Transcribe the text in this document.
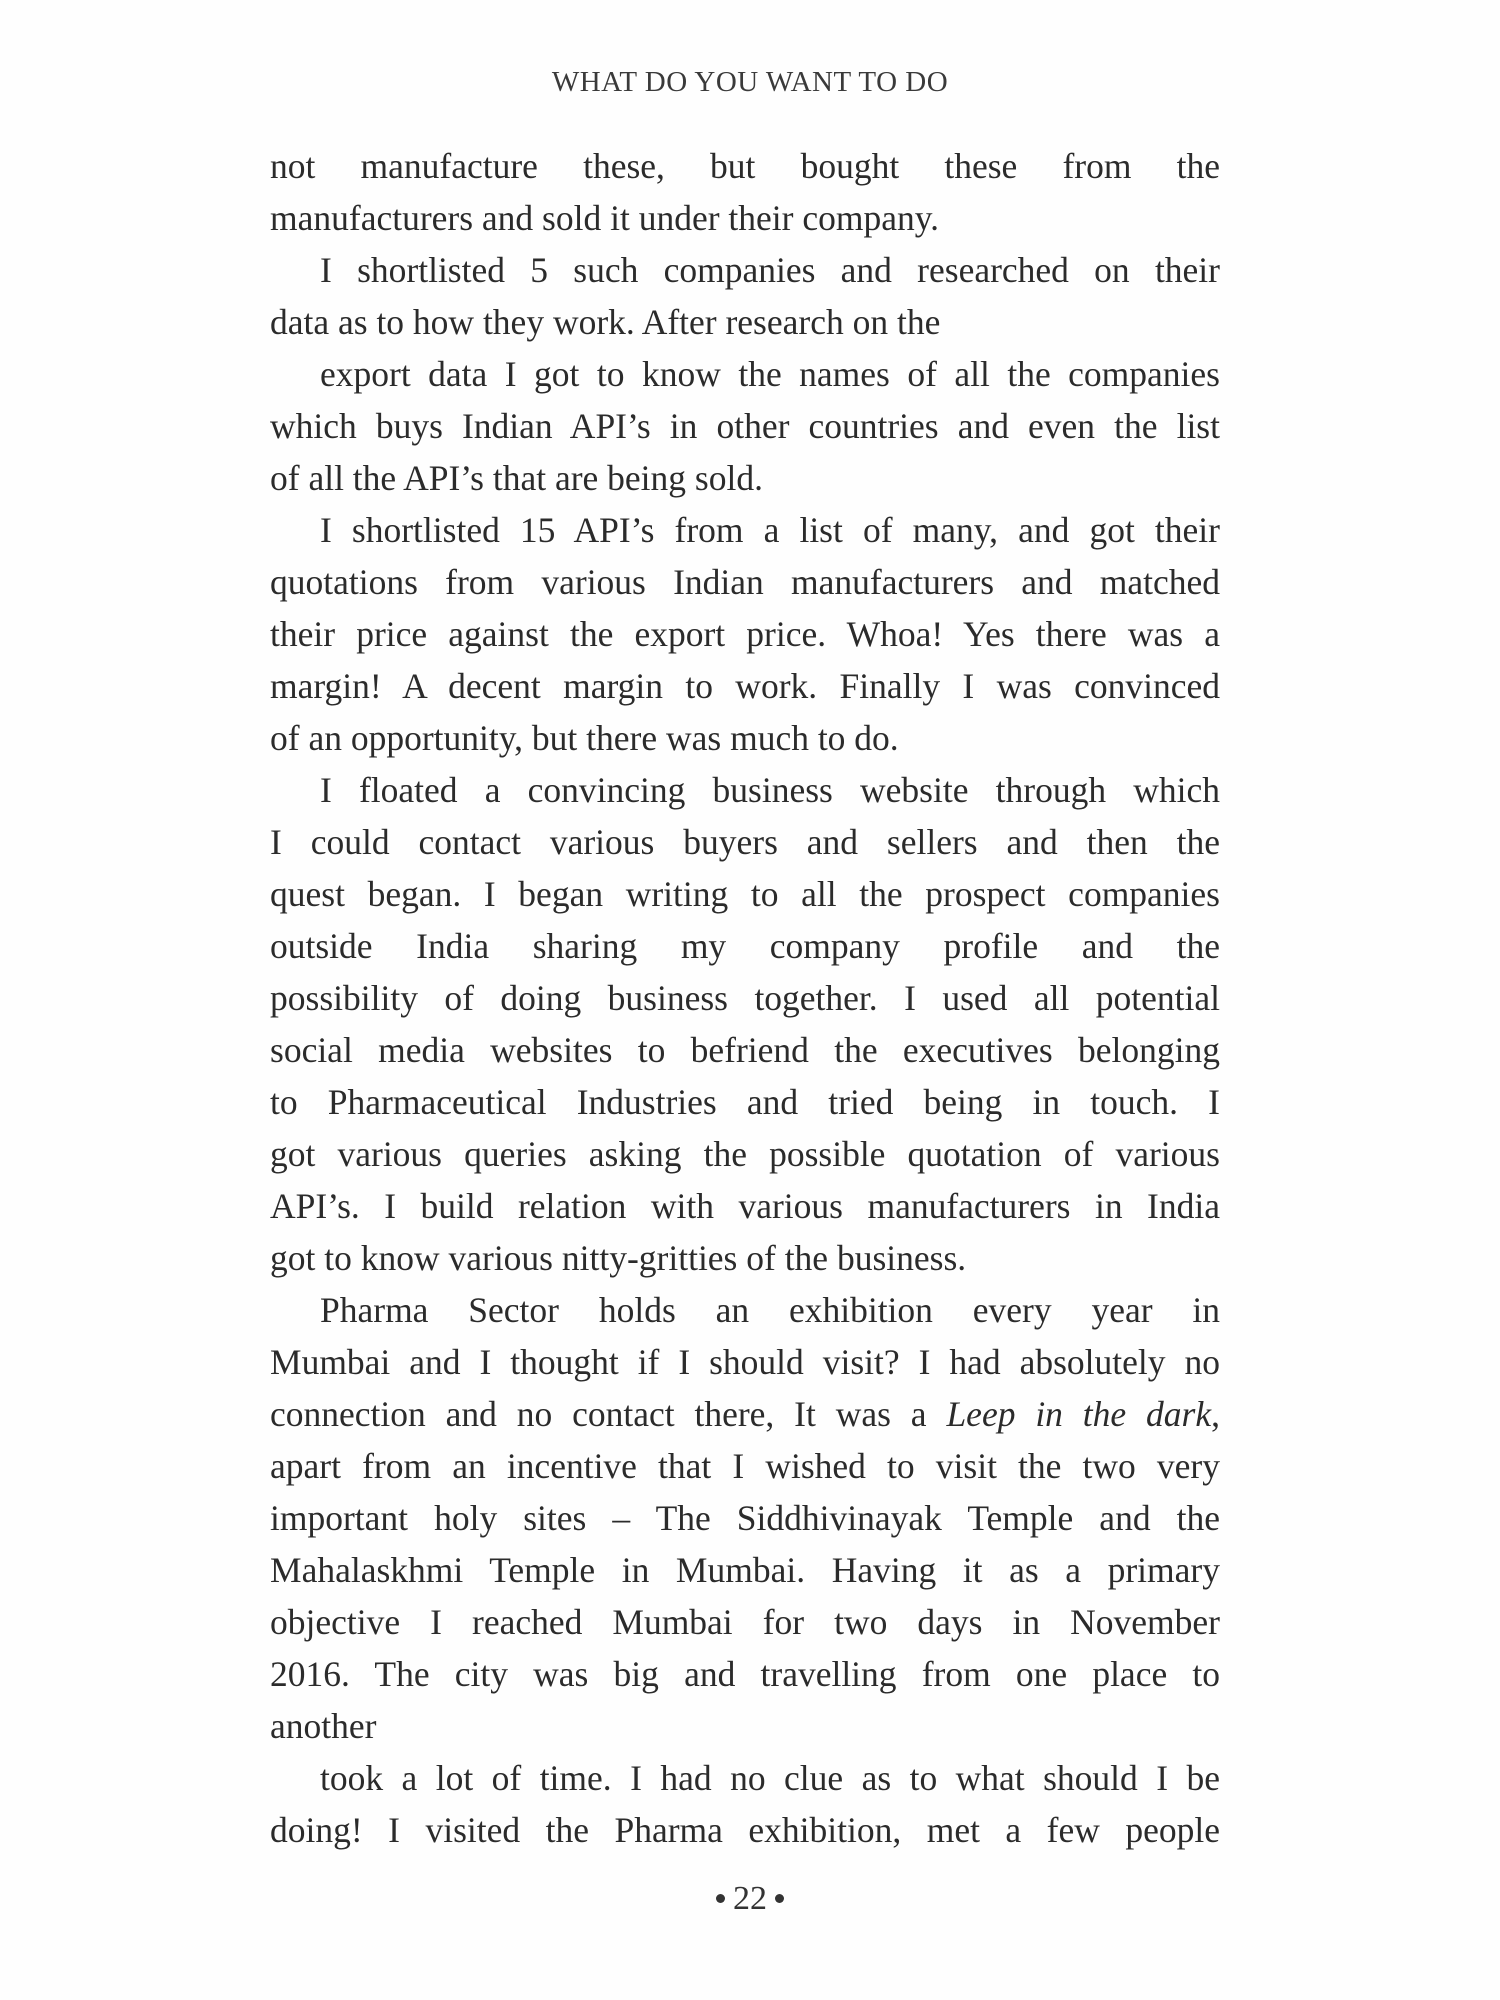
WHAT DO YOU WANT TO DO
not manufacture these, but bought these from the
manufacturers and sold it under their company.
I shortlisted 5 such companies and researched on their
data as to how they work. After research on the
export data I got to know the names of all the companies
which buys Indian API’s in other countries and even the list
of all the API’s that are being sold.
I shortlisted 15 API’s from a list of many, and got their
quotations from various Indian manufacturers and matched
their price against the export price. Whoa! Yes there was a
margin! A decent margin to work. Finally I was convinced
of an opportunity, but there was much to do.
I floated a convincing business website through which
I could contact various buyers and sellers and then the
quest began. I began writing to all the prospect companies
outside India sharing my company profile and the
possibility of doing business together. I used all potential
social media websites to befriend the executives belonging
to Pharmaceutical Industries and tried being in touch. I
got various queries asking the possible quotation of various
API’s. I build relation with various manufacturers in India
got to know various nitty-gritties of the business.
Pharma Sector holds an exhibition every year in
Mumbai and I thought if I should visit? I had absolutely no
connection and no contact there, It was a Leep in the dark,
apart from an incentive that I wished to visit the two very
important holy sites – The Siddhivinayak Temple and the
Mahalaskhmi Temple in Mumbai. Having it as a primary
objective I reached Mumbai for two days in November
2016. The city was big and travelling from one place to
another
took a lot of time. I had no clue as to what should I be
doing! I visited the Pharma exhibition, met a few people
22
